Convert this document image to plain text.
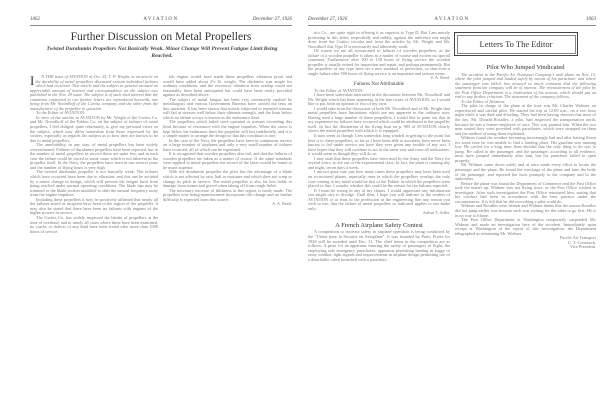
1062	AVIATION	December 27, 1926
Further Discussion on Metal Propellers
Twisted Duralumin Propellers Not Basically Weak. Minor Change Will Prevent Fatigue Limit Being Reached.
I	N THE issue of AVIATION of Oct. 25, T. P. Wright, in an article on the durability of metal propellers discussed certain individual failures which had occurred. This article and the subject in general aroused an appreciable amount of interest and correspondence on the subject was published in the Nov. 29 issue. The subject is of such vital interest that the comments contained in two further letters are reproduced herewith, one being from Mr. Noordhoff of the Curtiss company and the other from the manufacturer of the propeller in question.

To the Editor of AVIATION:

In view of the articles in AVIATION by Mr. Wright of the Curtiss Co. and Mr. Noordhoff of the Fokker Co. on the subject of failures of metal propellers, I feel obliged, quite reluctantly, to give my personal views on the subject, which may differ somewhat from those expressed by the writers, especially as regards the subject as to how they are known to be due to metal propellers.

The unreliability, in any way, of metal propellers has been widely overestimated. Failures of duralumin propellers have been reported, but in the number of metal propellers in service these are quite few, and in each case the failure could be traced to some cause which is not inherent in the propeller itself. In the Navy, the propellers have been in use several years and the number of flying hours is very high.

The twisted duralumin propeller is not basically weak. The failures which have occurred have been due to vibration, and this can be avoided by a minor change in design, which will prevent the fatigue limit from being reached under normal operating conditions. The blade tips may be trimmed or the blade section modified to shift the natural frequency away from the engine impulses.

Including these propellers it may be positively affirmed that nearly all the failures noted or incipient have been in the region of the propeller. It may also be stated that there have been no failures with engines of the higher powers in service.

The Curtiss Co. has widely inspected the blades of propellers at the time of overhaul, and in nearly all cases where these have been examined, no cracks or defects of any kind have been found after more than 1000 hours of service.

tub engine would have made these propellers vibration proof and would have added about 2½ lb. weight. The thickness was ample for ordinary conditions, and the excessive vibration from overlap could not reasonably have been anticipated but could have been easily provided against as described above.

The subject of metal fatigue has been very extensively studied by metallurgists and various Government Bureaus have carried out tests on this question. It has been shown that metals subjected to repeated stresses will fail at stresses well below their ultimate strength, and the limit below which no failure occurs is known as the endurance limit.

The propellers which failed were operated at stresses exceeding this limit because of resonance with the engine impulses. When the stress is kept below the endurance limit the propeller will last indefinitely, and it is a simple matter to arrange the design so that this condition is met.

In the case of the Navy the propellers have been in continuous service on a large number of airplanes and only a very small number of failures have occurred, all of which can be explained.

It is recognized that wooden propellers also fail, and that the failures of wooden propellers are taken as a matter of course. If the same standards were applied to metal propellers the record of the latter would be found to be much superior.

With the duralumin propeller the pilot has the advantage of a blade which is not affected by rain, hail or moisture and which does not warp or change its pitch in service. The metal propeller is also far less liable to damage from stones and gravel when taking off from rough fields.

The necessary increase of thickness in this region is easily made. The propellers now being manufactured incorporate this change and no further difficulty is expected from this source.

S. A. Reed.

December 27, 1926	AVIATION	1063

tics Co., are quite right in offering it as superior to Type D. But I am merely protesting in this letter, respectfully and mildly, against the inference one might draw from the Curtiss circular and from the articles by Mr. Wright and Mr. Noordhoff that Type D is necessarily and inherently weak.

Of course we are all accustomed to failures of wooden propellers, as the failure of a wooden propeller is taken as a matter of course and excites no special comment. Furthermore after 100 to 150 hours of flying service the wooden propeller is usually retired for inspection and repair, and perhaps permanently. But the propellers of any type have set a new standard of perfection, so that even a single failure after 500 hours of flying service is an important and serious event.

S. A. Reed.

Failures Not Attributable

To the Editor of AVIATION:

I have been somewhat interested in the discussion between Mr. Noordhoff and Mr. Wright which has been appearing in the late issues of AVIATION, so I would like to put forth an opinion or two of my own.

I would take from the discussion of both Mr. Noordhoff and of Mr. Wright that metal propellers have limitations which are not apparent to the ordinary user. Having used a large number of these propellers, I would like to point out that in my experience no failures have occurred which could be attributed to the propeller itself. In fact the illustration of the flying boat on p. 985 of AVIATION clearly shows the metal propellers with which it is equipped.

It may seem as though I am somewhat long winded in getting to the point but here it is; these propellers, so far as I have been able to ascertain, have never been known to fail under service nor have they ever given any trouble of any sort. I have hopes that they will continue to act in the same way and from all indications, it would seem as though they will do so.

I may state that these propellers have been used by the Army and the Navy for several years, so are out of the experimental class. In fact, the plant is running day and night, seven days a week.

I am not quite sure just how many times these propellers may have been used on tri-motored planes, especially ones in which the propellers overlap; the only case coming to my mind would be that of the Fokker in which the propellers were placed in line. I wonder whether this could be the reason for the failures reported.

If I must be wrong in any of my claims, I would appreciate any information you might care to divulge. Until then, I hope you will indicate to the readers of AVIATION or at least to the profession in the engineering line any reason you wish to use, that the failure of metal propellers so indicated applies to one make only.

Arthur T. Adler.

A French Airplane Safety Contest

A competition to increase safety in airplane operation is being conducted by the "Union pour la Securite en Aeroplane". It was founded by Paris. Prizes for 1926 will be awarded until Dec. 31. The chief items in the competition are as follows: A prize for an apparatus insuring the safety of passengers in flight, the employing safe emergency parachutes, apparatus permitting landing in foggy or rainy weather, light signals and improvements in airplane design permitting use of a detachable cabin furnished with a parachute.

Letters To The Editor
Pilot Who Jumped Vindicated

The accident to the Pacific Air Transport Company's mail plane on Nov. 15, where the pilot jumped and landed safely by means of his parachute, and where the passenger was killed, has aroused so much comment that the following statement from the company will be of interest. The reinstatement of the pilot by the Post Office Department is a vindication of his actions, which should put an end to any further criticism. The statement of the company follows.

To the Editor of Aviation:

The pilot in charge of the plane at the time was Mr. Charles Widmer, an experienced and careful pilot. He started his trip at 12:00 a.m., on a two hour night while it was dark and drizzling. They had been having showers that most of the day. Mr. Donald Rosalles, a pilot, had inspected the transportation north, because he was a former employee of ours. This was granted him. When the two men started they were provided with parachutes, which were strapped on them and the method of using them explained.

Widmer found the weather becoming increasingly bad and after having flown for some time he was unable to find a landing place. His gasoline was running low. He circled for a long time, then decided that the only thing to do was to jump. He called to the passenger, and the passenger, according to all evidence, must have jumped immediately after him, but his parachute failed to open properly.

Mr. Widmer came down safely and at once made every effort to locate the passenger and the plane. He found the wreckage of the plane and later the body of the passenger, and reported the facts promptly to the company and to the authorities.

Before the plane was found the Department of Commerce and the Post Office took the matter up. Widmer was not flying since, as the Post Office wished to investigate. After such investigation the Post Office reinstated him, stating that his conduct had been in accordance with the best practice under the circumstances. It is felt that he did everything a pilot could do.

Widmer and Rosalles were friends and Widmer thinks that the reason Rosalles did not jump earlier was because each was waiting for the other to go first. He is in no way to blame.

The Post Office Department at Washington temporarily suspended Mr. Widmer and made an investigation here of the accident. Immediately upon receipt at Washington of the report of this investigation, the Department telegraphed us reinstating Mr. Widmer.

Pacific Air Transport

C. T. Comstock,

Vice President.
